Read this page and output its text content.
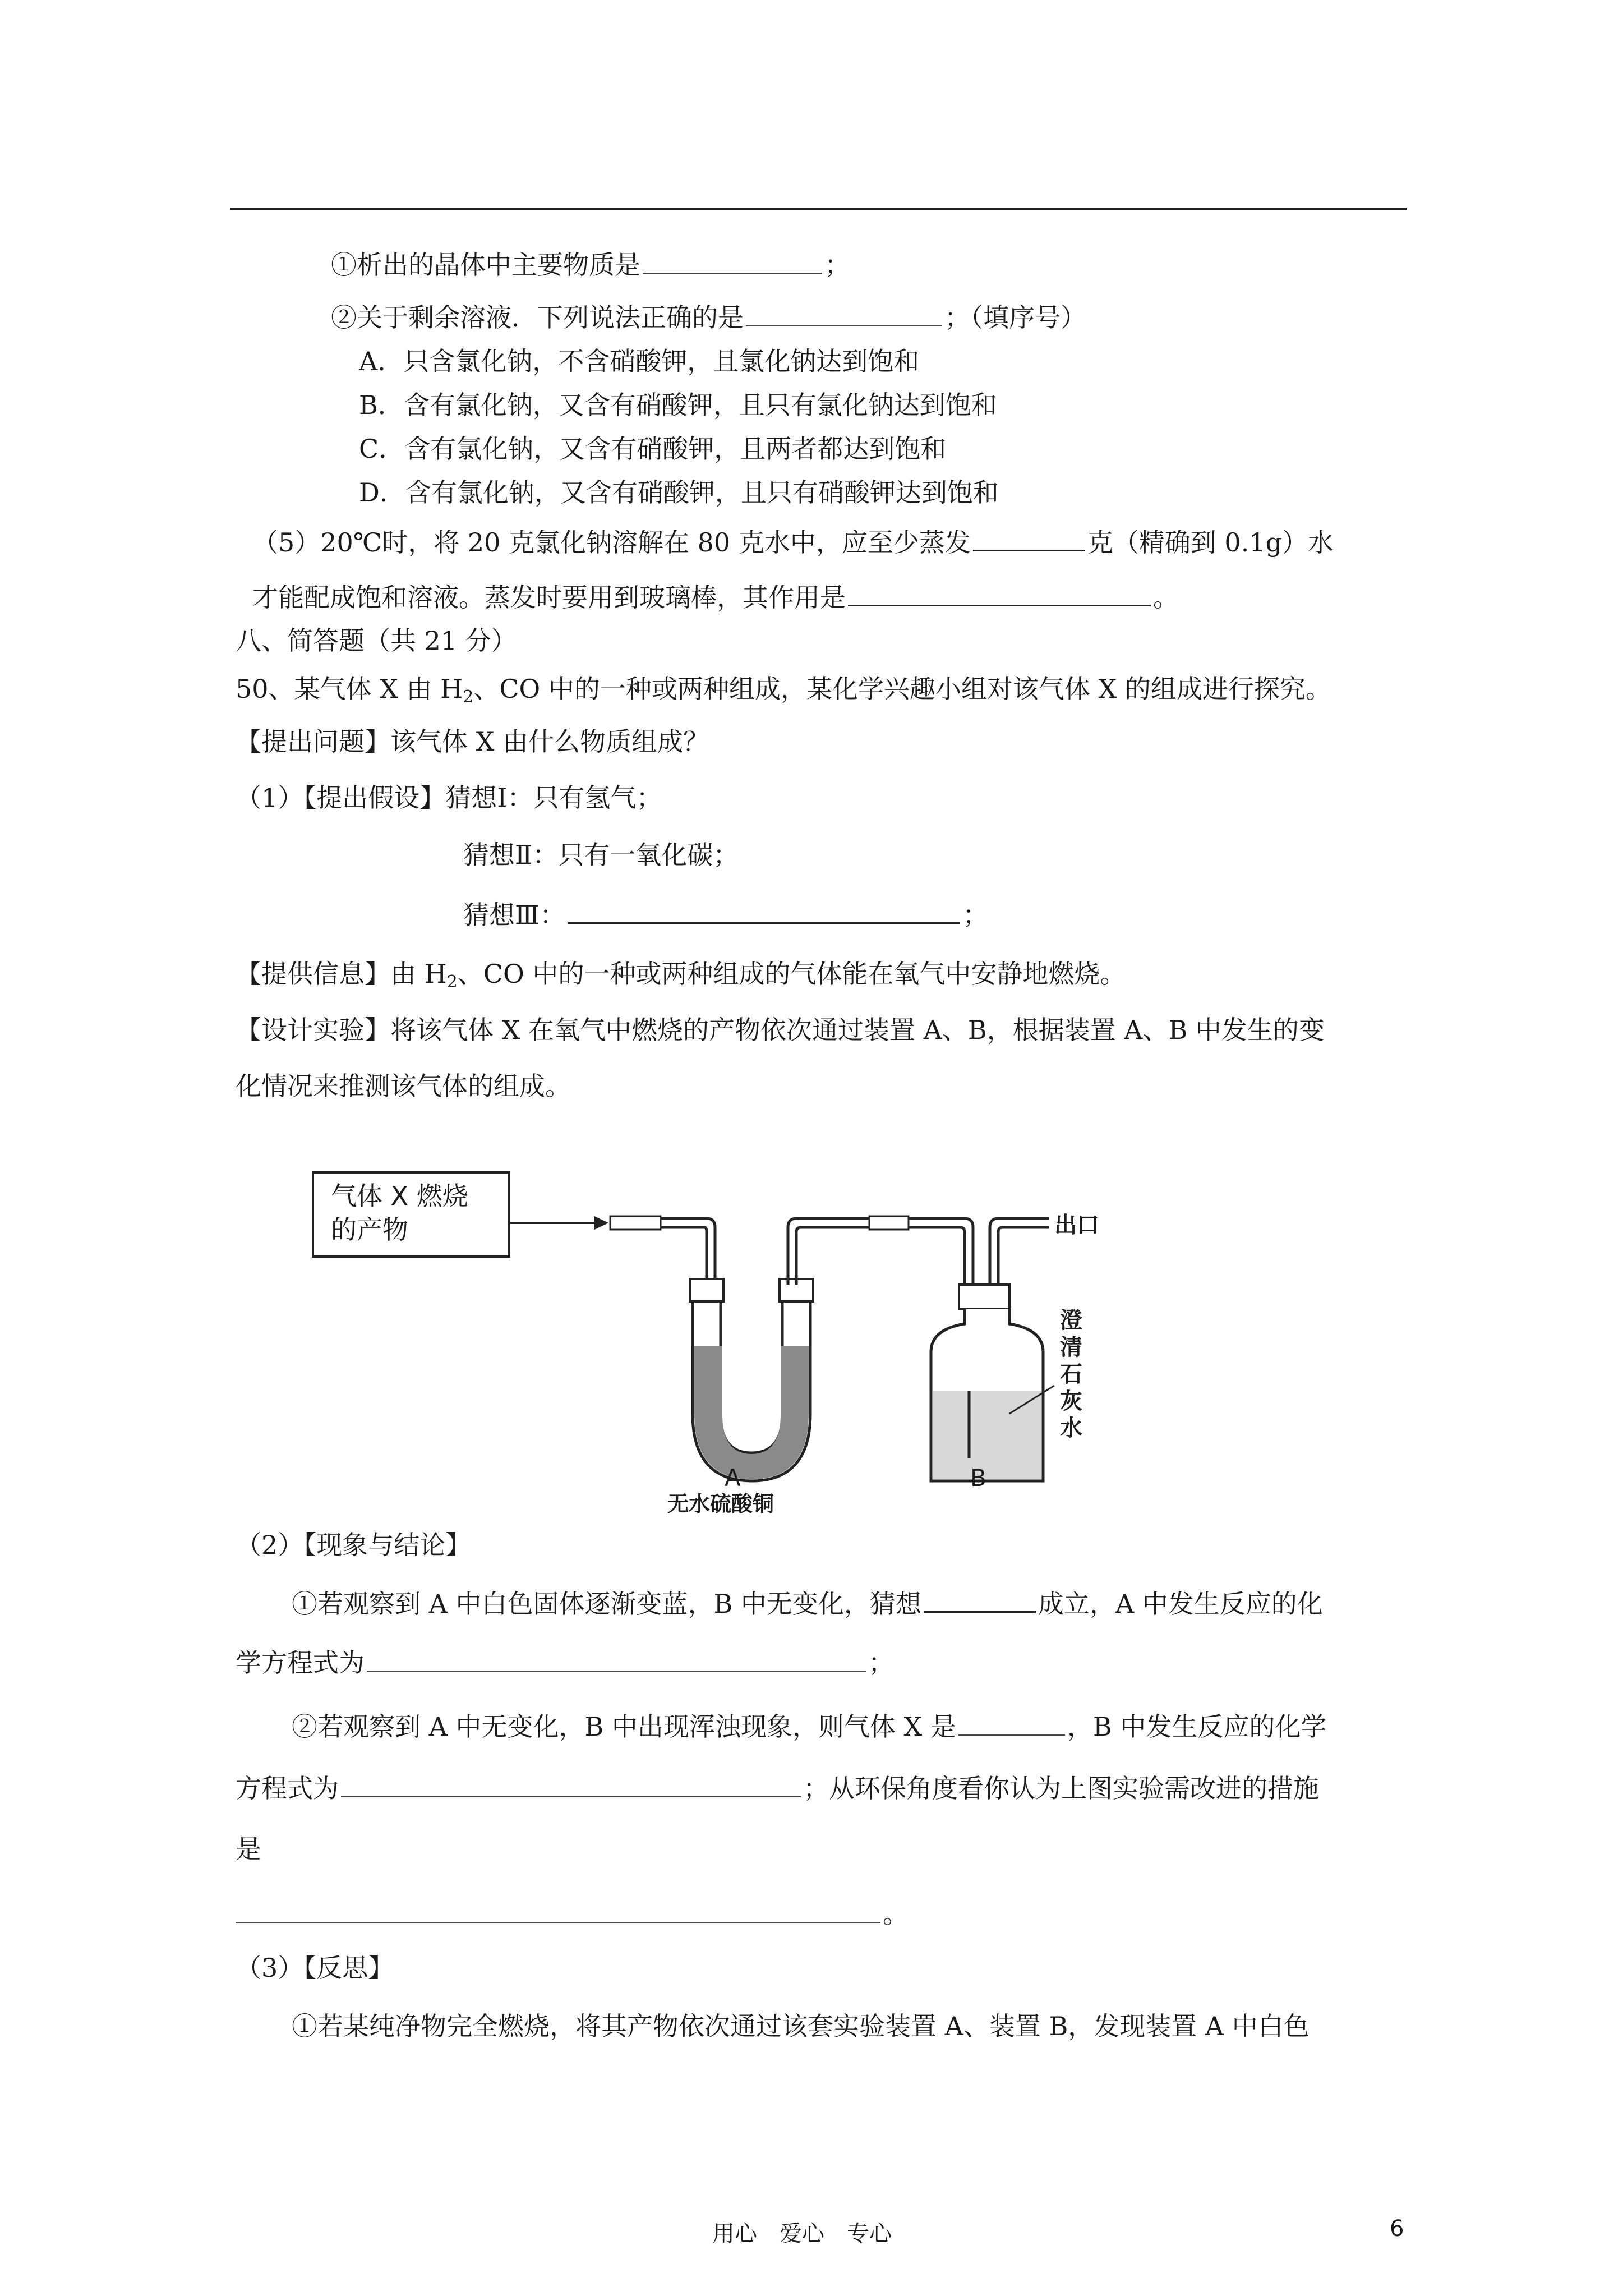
①析出的晶体中主要物质是	；
②关于剩余溶液．下列说法正确的是	；（填序号）
A．只含氯化钠，不含硝酸钾，且氯化钠达到饱和
B．含有氯化钠，又含有硝酸钾，且只有氯化钠达到饱和
C．含有氯化钠，又含有硝酸钾，且两者都达到饱和
D．含有氯化钠，又含有硝酸钾，且只有硝酸钾达到饱和
（5）20℃时，将 20 克氯化钠溶解在 80 克水中，应至少蒸发	克（精确到 0.1g）水
才能配成饱和溶液。蒸发时要用到玻璃棒，其作用是	。
八、简答题（共 21 分）
50、某气体 X 由 $H_2$、CO 中的一种或两种组成，某化学兴趣小组对该气体 X 的组成进行探究。
【提出问题】该气体 X 由什么物质组成？
（1）【提出假设】猜想Ⅰ：只有氢气；
猜想Ⅱ：只有一氧化碳；
猜想Ⅲ：	；
【提供信息】由 $H_2$、CO 中的一种或两种组成的气体能在氧气中安静地燃烧。
【设计实验】将该气体 X 在氧气中燃烧的产物依次通过装置 A、B，根据装置 A、B 中发生的变
化情况来推测该气体的组成。
气体 X 燃烧
的产物	出口
无水硫酸铜
澄
清
石
灰
水
A	B
（2）【现象与结论】
①若观察到 A 中白色固体逐渐变蓝，B 中无变化，猜想	成立，A 中发生反应的化
学方程式为	；
②若观察到 A 中无变化，B 中出现浑浊现象，则气体 X 是	，B 中发生反应的化学
方程式为	；从环保角度看你认为上图实验需改进的措施
是
。
（3）【反思】
①若某纯净物完全燃烧，将其产物依次通过该套实验装置 A、装置 B，发现装置 A 中白色
用心　爱心　专心	6
